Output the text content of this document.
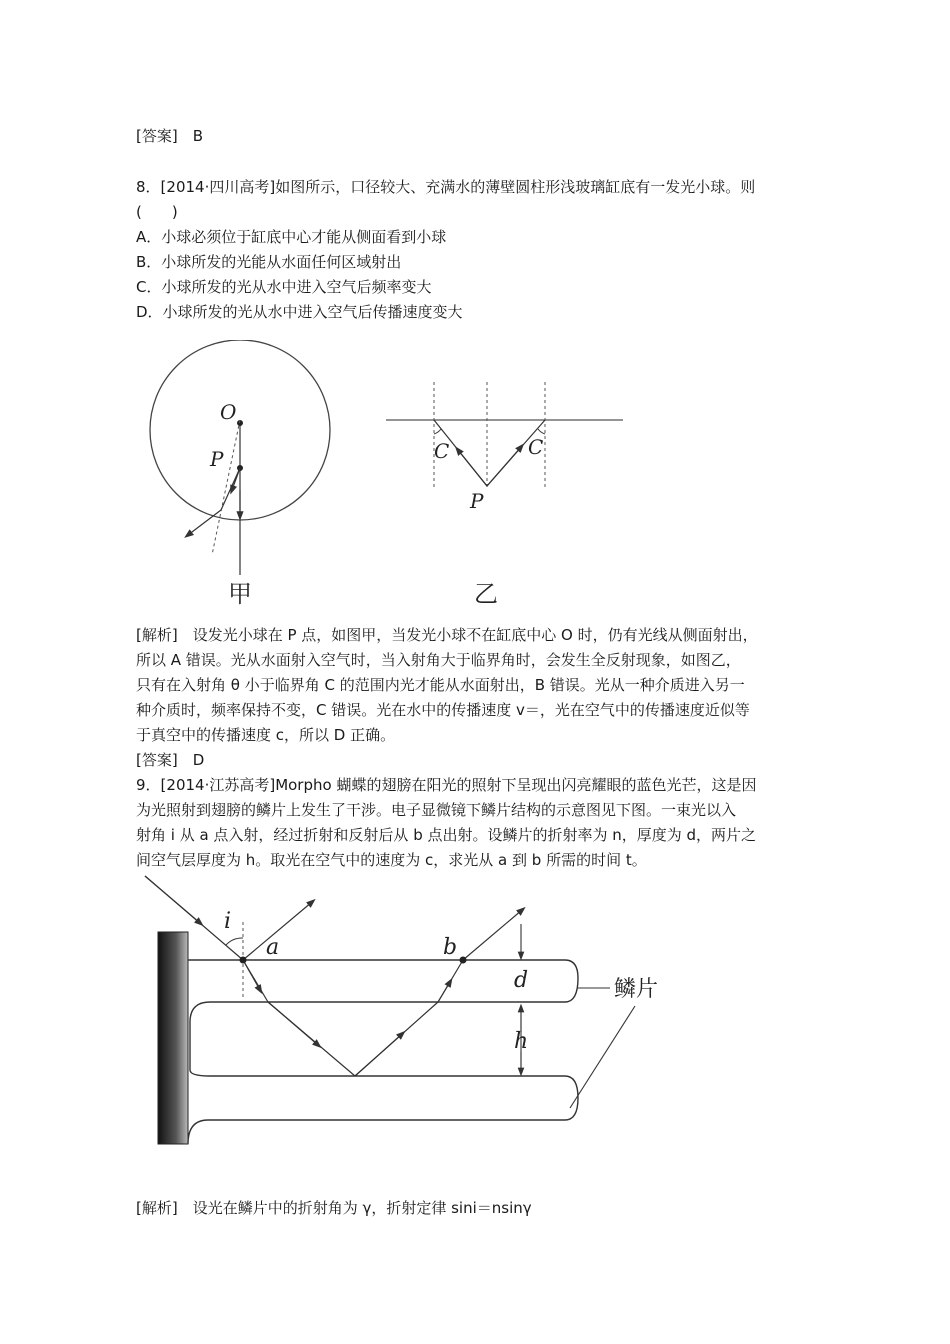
[答案]　B
8．[2014·四川高考]如图所示，口径较大、充满水的薄壁圆柱形浅玻璃缸底有一发光小球。则
(　　)
A．小球必须位于缸底中心才能从侧面看到小球
B．小球所发的光能从水面任何区域射出
C．小球所发的光从水中进入空气后频率变大
D．小球所发的光从水中进入空气后传播速度变大
O
P
甲
C	C
P
乙
[解析]　设发光小球在 P 点，如图甲，当发光小球不在缸底中心 O 时，仍有光线从侧面射出，
所以 A 错误。光从水面射入空气时，当入射角大于临界角时，会发生全反射现象，如图乙，
只有在入射角 θ 小于临界角 C 的范围内光才能从水面射出，B 错误。光从一种介质进入另一
种介质时，频率保持不变，C 错误。光在水中的传播速度 v＝，光在空气中的传播速度近似等
于真空中的传播速度 c，所以 D 正确。
[答案]　D
9．[2014·江苏高考]Morpho 蝴蝶的翅膀在阳光的照射下呈现出闪亮耀眼的蓝色光芒，这是因
为光照射到翅膀的鳞片上发生了干涉。电子显微镜下鳞片结构的示意图见下图。一束光以入
射角 i 从 a 点入射，经过折射和反射后从 b 点出射。设鳞片的折射率为 n，厚度为 d，两片之
间空气层厚度为 h。取光在空气中的速度为 c，求光从 a 到 b 所需的时间 t。
i
a	b
d
h
鳞片
[解析]　设光在鳞片中的折射角为 γ，折射定律 sini＝nsinγ
